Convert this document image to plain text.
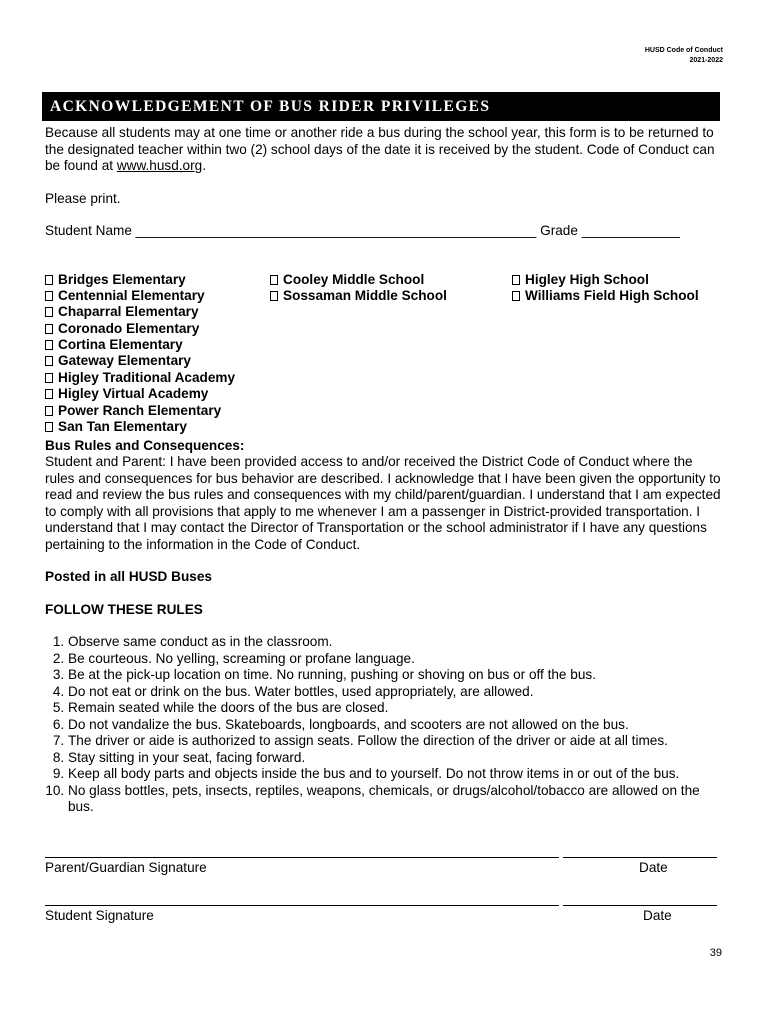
HUSD Code of Conduct
2021-2022
ACKNOWLEDGEMENT OF BUS RIDER PRIVILEGES

Because all students may at one time or another ride a bus during the school year, this form is to be returned to the designated teacher within two (2) school days of the date it is received by the student. Code of Conduct can be found at www.husd.org.

Please print.

Student Name _____________________________________________________ Grade _____________

Bridges Elementary
Centennial Elementary
Chaparral Elementary
Coronado Elementary
Cortina Elementary
Gateway Elementary
Higley Traditional Academy
Higley Virtual Academy
Power Ranch Elementary
San Tan Elementary
Cooley Middle School
Sossaman Middle School
Higley High School
Williams Field High School

Bus Rules and Consequences:

Student and Parent: I have been provided access to and/or received the District Code of Conduct where the rules and consequences for bus behavior are described. I acknowledge that I have been given the opportunity to read and review the bus rules and consequences with my child/parent/guardian. I understand that I am expected to comply with all provisions that apply to me whenever I am a passenger in District-provided transportation. I understand that I may contact the Director of Transportation or the school administrator if I have any questions pertaining to the information in the Code of Conduct.

Posted in all HUSD Buses

FOLLOW THESE RULES

1. Observe same conduct as in the classroom.
2. Be courteous. No yelling, screaming or profane language.
3. Be at the pick-up location on time. No running, pushing or shoving on bus or off the bus.
4. Do not eat or drink on the bus. Water bottles, used appropriately, are allowed.
5. Remain seated while the doors of the bus are closed.
6. Do not vandalize the bus. Skateboards, longboards, and scooters are not allowed on the bus.
7. The driver or aide is authorized to assign seats. Follow the direction of the driver or aide at all times.
8. Stay sitting in your seat, facing forward.
9. Keep all body parts and objects inside the bus and to yourself. Do not throw items in or out of the bus.
10. No glass bottles, pets, insects, reptiles, weapons, chemicals, or drugs/alcohol/tobacco are allowed on the bus.
Parent/Guardian Signature	Date
Student Signature	Date
39
